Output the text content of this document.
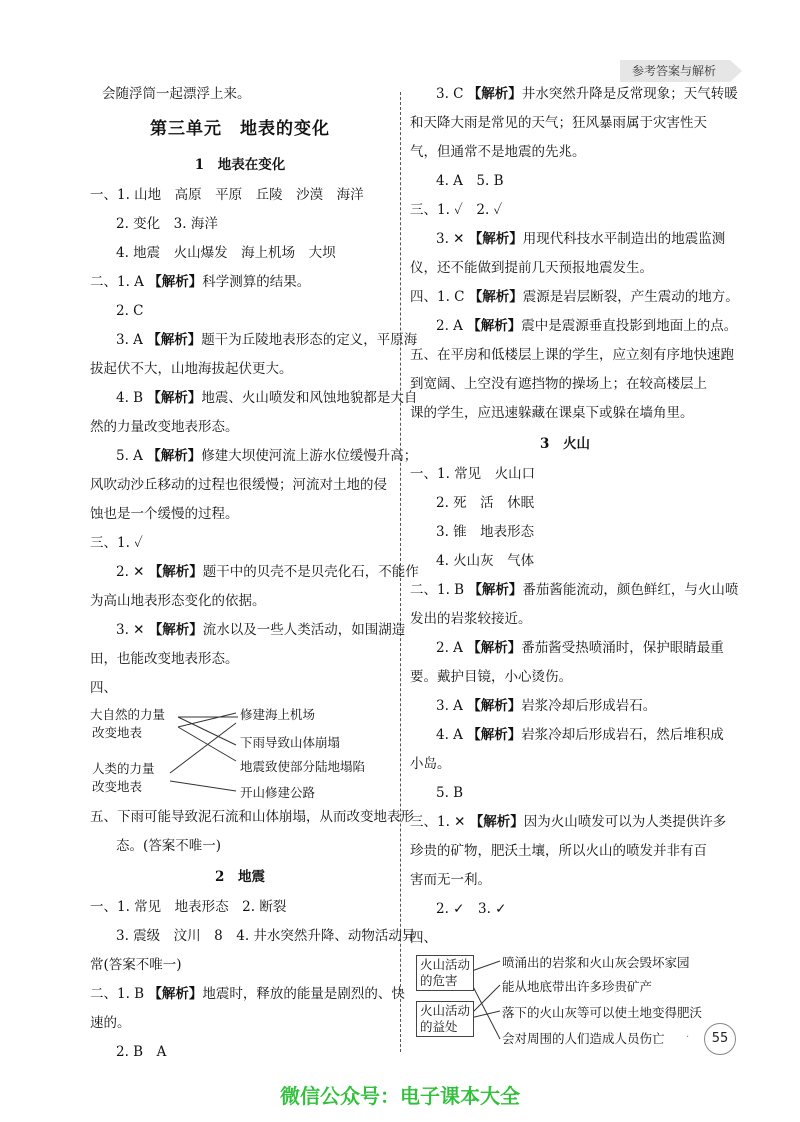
参考答案与解析
会随浮筒一起漂浮上来。
第三单元　地表的变化
1　地表在变化
一、1. 山地　高原　平原　丘陵　沙漠　海洋
2. 变化　3. 海洋
4. 地震　火山爆发　海上机场　大坝
二、1. A 【解析】科学测算的结果。
2. C
3. A 【解析】题干为丘陵地表形态的定义，平原海
拔起伏不大，山地海拔起伏更大。
4. B 【解析】地震、火山喷发和风蚀地貌都是大自
然的力量改变地表形态。
5. A 【解析】修建大坝使河流上游水位缓慢升高；
风吹动沙丘移动的过程也很缓慢；河流对土地的侵
蚀也是一个缓慢的过程。
三、1. ✓
2. ✕ 【解析】题干中的贝壳不是贝壳化石，不能作
为高山地表形态变化的依据。
3. ✕ 【解析】流水以及一些人类活动，如围湖造
田，也能改变地表形态。
四、
大自然的力量
改变地表
人类的力量
改变地表
修建海上机场
下雨导致山体崩塌
地震致使部分陆地塌陷
开山修建公路
五、下雨可能导致泥石流和山体崩塌，从而改变地表形
态。(答案不唯一)
2　地震
一、1. 常见　地表形态　2. 断裂
3. 震级　汶川　8　4. 井水突然升降、动物活动异
常(答案不唯一)
二、1. B 【解析】地震时，释放的能量是剧烈的、快
速的。
2. B　A
3. C 【解析】井水突然升降是反常现象；天气转暖
和天降大雨是常见的天气；狂风暴雨属于灾害性天
气，但通常不是地震的先兆。
4. A　5. B
三、1. ✓　2. ✓
3. ✕ 【解析】用现代科技水平制造出的地震监测
仪，还不能做到提前几天预报地震发生。
四、1. C 【解析】震源是岩层断裂，产生震动的地方。
2. A 【解析】震中是震源垂直投影到地面上的点。
五、在平房和低楼层上课的学生，应立刻有序地快速跑
到宽阔、上空没有遮挡物的操场上；在较高楼层上
课的学生，应迅速躲藏在课桌下或躲在墙角里。
3　火山
一、1. 常见　火山口
2. 死　活　休眠
3. 锥　地表形态
4. 火山灰　气体
二、1. B 【解析】番茄酱能流动，颜色鲜红，与火山喷
发出的岩浆较接近。
2. A 【解析】番茄酱受热喷涌时，保护眼睛最重
要。戴护目镜，小心烫伤。
3. A 【解析】岩浆冷却后形成岩石。
4. A 【解析】岩浆冷却后形成岩石，然后堆积成
小岛。
5. B
三、1. ✕ 【解析】因为火山喷发可以为人类提供许多
珍贵的矿物，肥沃土壤，所以火山的喷发并非有百
害而无一利。
2. ✓　3. ✓
四、
火山活动
的危害
火山活动
的益处
喷涌出的岩浆和火山灰会毁坏家园
能从地底带出许多珍贵矿产
落下的火山灰等可以使土地变得肥沃
会对周围的人们造成人员伤亡 ·	55
微信公众号：电子课本大全
